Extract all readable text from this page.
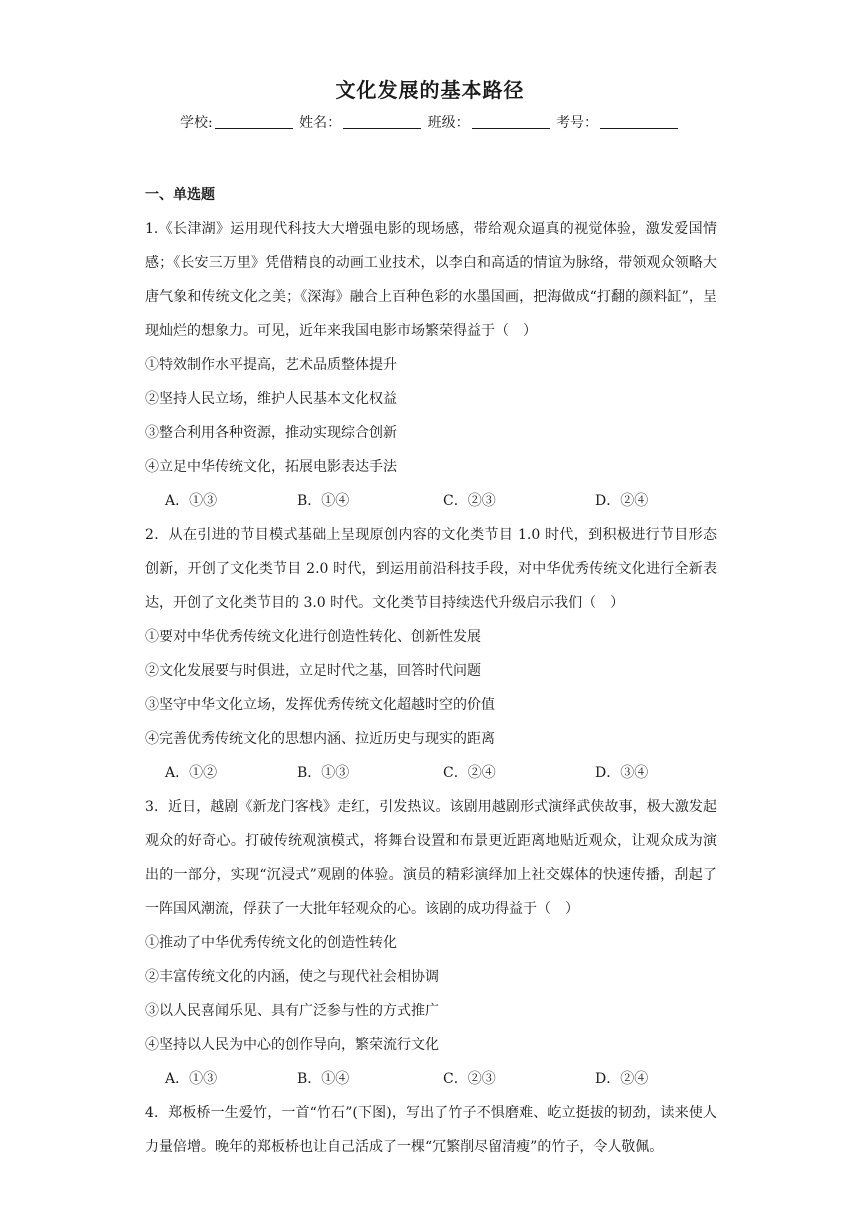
文化发展的基本路径
学校:	姓名：	班级：	考号：
一、单选题

1.《长津湖》运用现代科技大大增强电影的现场感，带给观众逼真的视觉体验，激发爱国情感；《长安三万里》凭借精良的动画工业技术，以李白和高适的情谊为脉络，带领观众领略大唐气象和传统文化之美；《深海》融合上百种色彩的水墨国画，把海做成“打翻的颜料缸”，呈现灿烂的想象力。可见，近年来我国电影市场繁荣得益于（　）

①特效制作水平提高，艺术品质整体提升

②坚持人民立场，维护人民基本文化权益

③整合利用各种资源，推动实现综合创新

④立足中华传统文化，拓展电影表达手法

A．①③	B．①④	C．②③	D．②④

2．从在引进的节目模式基础上呈现原创内容的文化类节目 1.0 时代，到积极进行节目形态创新，开创了文化类节目 2.0 时代，到运用前沿科技手段，对中华优秀传统文化进行全新表达，开创了文化类节目的 3.0 时代。文化类节目持续迭代升级启示我们（　）

①要对中华优秀传统文化进行创造性转化、创新性发展

②文化发展要与时俱进，立足时代之基，回答时代问题

③坚守中华文化立场，发挥优秀传统文化超越时空的价值

④完善优秀传统文化的思想内涵、拉近历史与现实的距离

A．①②	B．①③	C．②④	D．③④

3．近日，越剧《新龙门客栈》走红，引发热议。该剧用越剧形式演绎武侠故事，极大激发起观众的好奇心。打破传统观演模式，将舞台设置和布景更近距离地贴近观众，让观众成为演出的一部分，实现“沉浸式”观剧的体验。演员的精彩演绎加上社交媒体的快速传播，刮起了一阵国风潮流，俘获了一大批年轻观众的心。该剧的成功得益于（　）

①推动了中华优秀传统文化的创造性转化

②丰富传统文化的内涵，使之与现代社会相协调

③以人民喜闻乐见、具有广泛参与性的方式推广

④坚持以人民为中心的创作导向，繁荣流行文化

A．①③	B．①④	C．②③	D．②④

4．郑板桥一生爱竹，一首“竹石”(下图)，写出了竹子不惧磨难、屹立挺拔的韧劲，读来使人力量倍增。晚年的郑板桥也让自己活成了一棵“冗繁削尽留清瘦”的竹子，令人敬佩。
